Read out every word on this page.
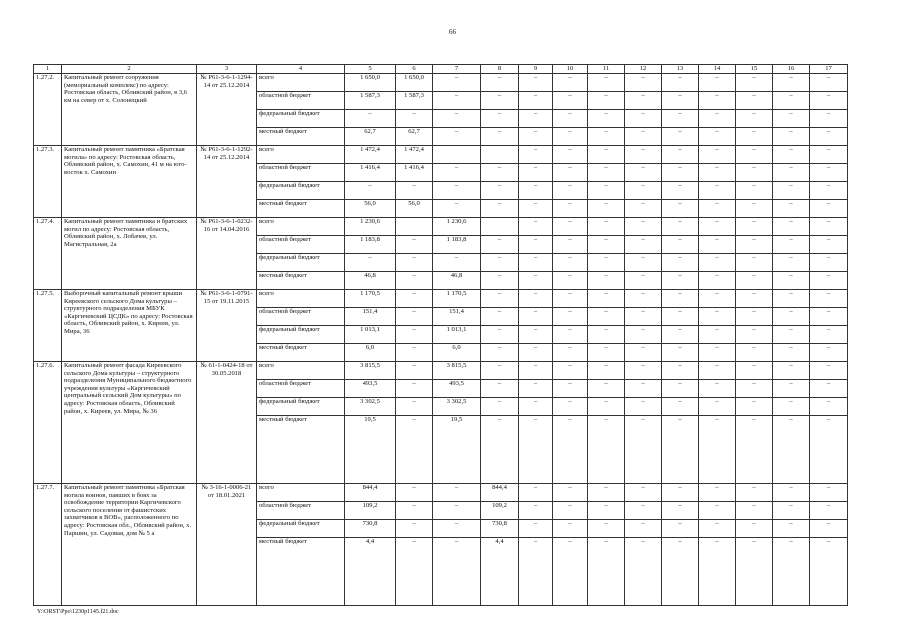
66
1	2	3	4	5	6	7	8	9	10	11	12	13	14	15	16	17
1.27.2.	Капитальный ремонт сооружения (мемориальный комплекс) по адресу: Ростовская область, Обливский район, в 3,6 км на север от х. Солонецкий	№ Р61-3-6-1-1294-14 от 25.12.2014	всего	1 650,0	1 650,0	–	–	–	–	–	–	–	–	–	–	–
			областной бюджет	1 587,3	1 587,3	–	–	–	–	–	–	–	–	–	–	–
			федеральный бюджет	–	–	–	–	–	–	–	–	–	–	–	–	–
			местный бюджет	62,7	62,7	–	–	–	–	–	–	–	–	–	–	–
1.27.3.	Капитальный ремонт памятника «Братская могила» по адресу: Ростовская область, Обливский район, х. Самохин, 41 м на юго-восток х. Самохин	№ Р61-3-6-1-1292-14 от 25.12.2014	всего	1 472,4	1 472,4			–	–	–	–	–	–	–	–	–
			областной бюджет	1 416,4	1 416,4	–	–	–	–	–	–	–	–	–	–	–
			федеральный бюджет	–	–	–	–	–	–	–	–	–	–	–	–	–
			местный бюджет	56,0	56,0	–	–	–	–	–	–	–	–	–	–	–
1.27.4.	Капитальный ремонт памятника и братских могил по адресу: Ростовская область, Обливский район, х. Лобачев, ул. Магистральная, 2а	№ Р61-3-6-1-0232-16 от 14.04.2016	всего	1 230,6		1 230,6		–	–	–	–	–	–	–	–	–
			областной бюджет	1 183,8	–	1 183,8	–	–	–	–	–	–	–	–	–	–
			федеральный бюджет	–	–	–	–	–	–	–	–	–	–	–	–	–
			местный бюджет	46,8	–	46,8	–	–	–	–	–	–	–	–	–	–
1.27.5.	Выборочный капитальный ремонт крыши Киреевского сельского Дома культуры – структурного подразделения МБУК «Каргичевский ЦСДК» по адресу: Ростовская область, Обливский район, х. Киреев, ул. Мира, 36	№ Р61-3-6-1-0791-15 от 19.11.2015	всего	1 170,5	–	1 170,5	–	–	–	–	–	–	–	–	–	–
			областной бюджет	151,4	–	151,4	–	–	–	–	–	–	–	–	–	–
			федеральный бюджет	1 013,1	–	1 013,1	–	–	–	–	–	–	–	–	–	–
			местный бюджет	6,0	–	6,0	–	–	–	–	–	–	–	–	–	–
1.27.6.	Капитальный ремонт фасада Киреевского сельского Дома культуры – структурного подразделения Муниципального бюджетного учреждения культуры «Каргичевский центральный сельский Дом культуры» по адресу: Ростовская область, Обливский район, х. Киреев, ул. Мира, № 36	№ 61-1-0424-18 от 30.05.2018	всего	3 815,5	–	3 815,5	–	–	–	–	–	–	–	–	–	–
			областной бюджет	493,5	–	493,5	–	–	–	–	–	–	–	–	–	–
			федеральный бюджет	3 302,5	–	3 302,5	–	–	–	–	–	–	–	–	–	–
			местный бюджет	19,5	–	19,5	–	–	–	–	–	–	–	–	–	–
1.27.7.	Капитальный ремонт памятника «Братская могила воинов, павших в боях за освобождение территории Каргичевского сельского поселения от фашистских захватчиков в ВОВ», расположенного по адресу: Ростовская обл., Обливский район, х. Паршин, ул. Садовая, дом № 5 а	№ 3-16-1-0006-21 от 18.01.2021	всего	844,4	–	–	844,4	–	–	–	–	–	–	–	–	–
			областной бюджет	109,2	–	–	109,2	–	–	–	–	–	–	–	–	–
			федеральный бюджет	730,8	–	–	730,8	–	–	–	–	–	–	–	–	–
			местный бюджет	4,4	–	–	4,4	–	–	–	–	–	–	–	–	–
Y:\ORST\Ppo\1230p1145.f21.doc
